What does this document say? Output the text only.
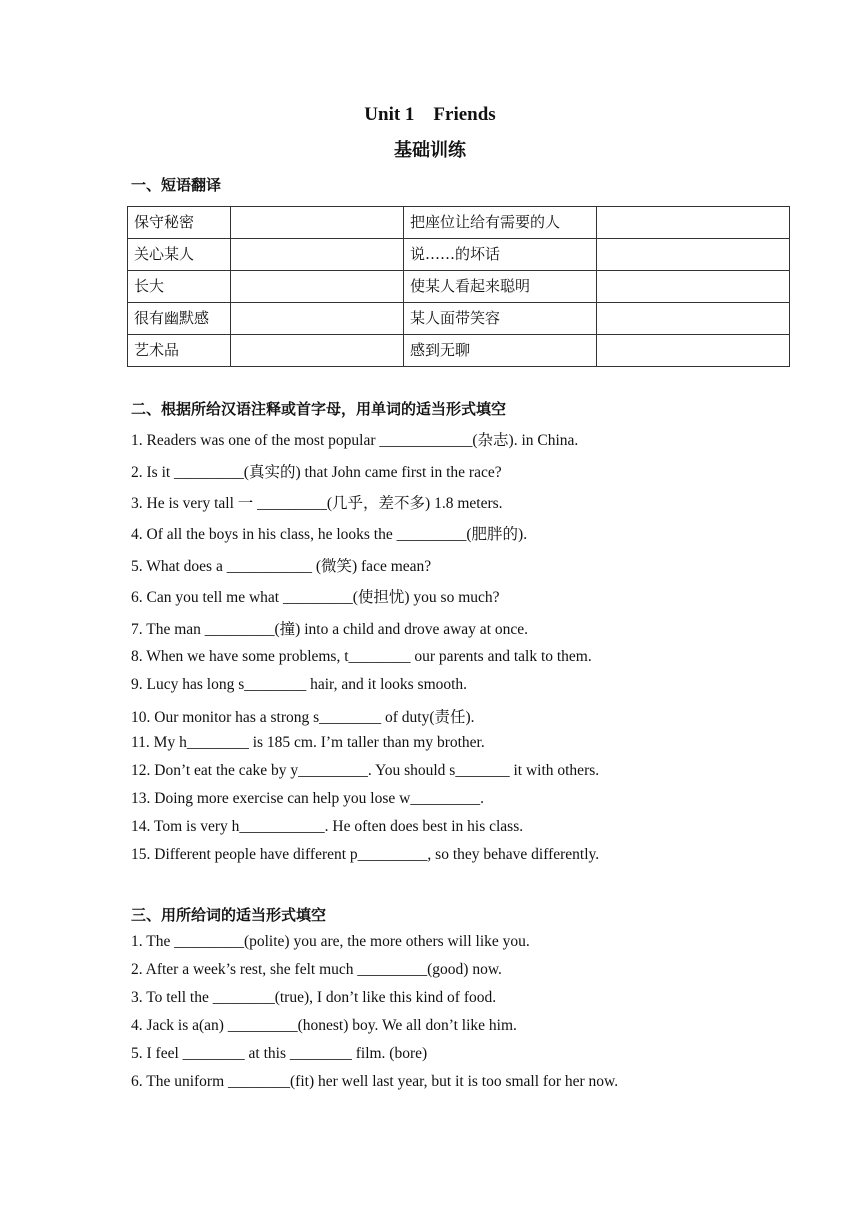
Unit 1 Friends
基础训练
一、短语翻译
保守秘密		把座位让给有需要的人	
关心某人		说……的坏话	
长大		使某人看起来聪明	
很有幽默感		某人面带笑容	
艺术品		感到无聊	
二、根据所给汉语注释或首字母，用单词的适当形式填空
1. Readers was one of the most popular ____________(杂志). in China.
2. Is it _________(真实的) that John came first in the race?
3. He is very tall 一 _________(几乎，差不多) 1.8 meters.
4. Of all the boys in his class, he looks the _________(肥胖的).
5. What does a ___________ (微笑) face mean?
6. Can you tell me what _________(使担忧) you so much?
7. The man _________(撞) into a child and drove away at once.
8. When we have some problems, t________ our parents and talk to them.
9. Lucy has long s________ hair, and it looks smooth.
10. Our monitor has a strong s________ of duty(责任).
11. My h________ is 185 cm. I’m taller than my brother.
12. Don’t eat the cake by y_________. You should s_______ it with others.
13. Doing more exercise can help you lose w_________.
14. Tom is very h___________. He often does best in his class.
15. Different people have different p_________, so they behave differently.
三、用所给词的适当形式填空
1. The _________(polite) you are, the more others will like you.
2. After a week’s rest, she felt much _________(good) now.
3. To tell the ________(true), I don’t like this kind of food.
4. Jack is a(an) _________(honest) boy. We all don’t like him.
5. I feel ________ at this ________ film. (bore)
6. The uniform ________(fit) her well last year, but it is too small for her now.
